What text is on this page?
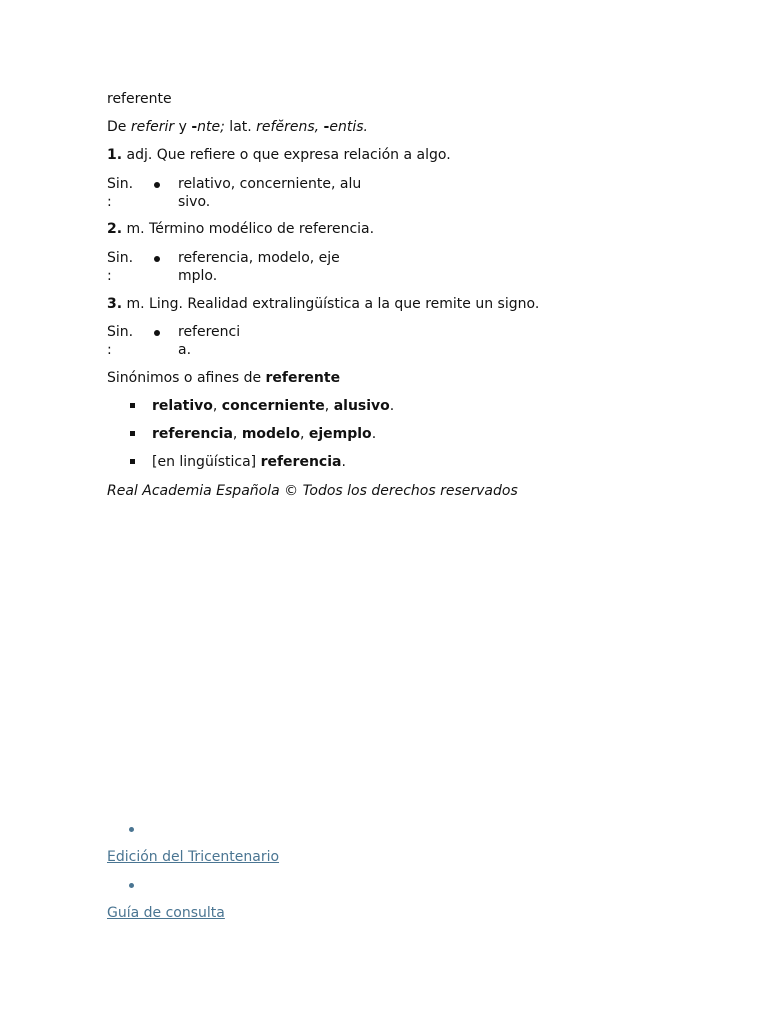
referente
De referir y -nte; lat. refĕrens, -entis.
1. adj. Que refiere o que expresa relación a algo.
Sin.
:
relativo, concerniente, alusivo.
2. m. Término modélico de referencia.
Sin.
:
referencia, modelo, ejemplo.
3. m. Ling. Realidad extralingüística a la que remite un signo.
Sin.
:
referencia.
Sinónimos o afines de referente
relativo, concerniente, alusivo.
referencia, modelo, ejemplo.
[en lingüística] referencia.
Real Academia Española © Todos los derechos reservados
Edición del Tricentenario
Guía de consulta
